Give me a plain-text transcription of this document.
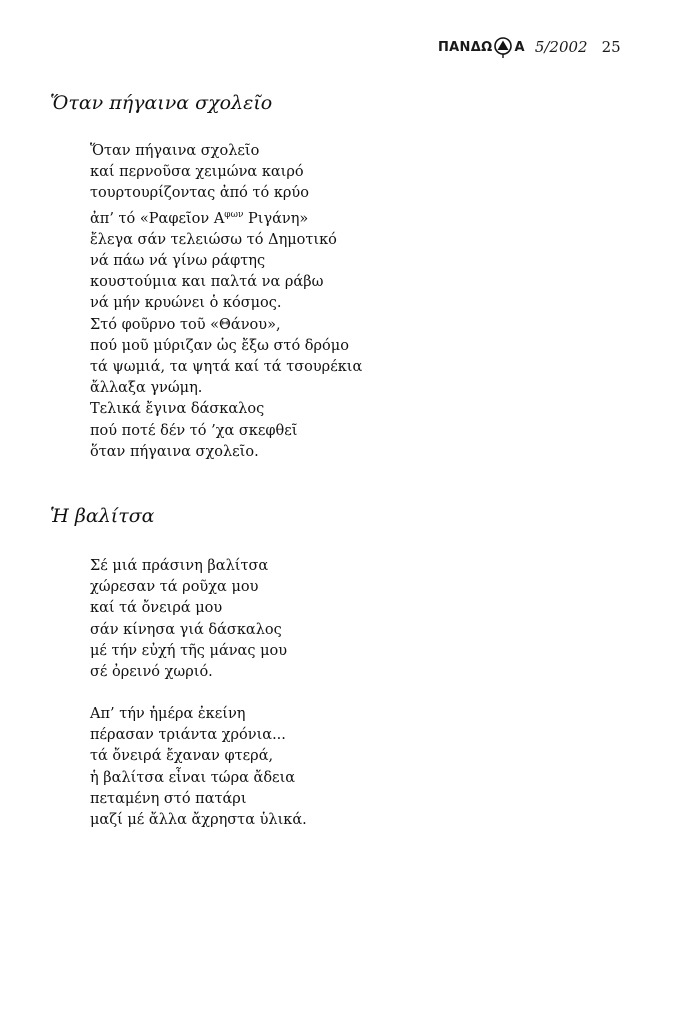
ΠΑΝΔΩ Α 5/2002 25
Ὅταν πήγαινα σχολεῖο
Ὅταν πήγαινα σχολεῖο
καί περνοῦσα χειμώνα καιρό
τουρτουρίζοντας ἀπό τό κρύο
ἀπ’ τό «Ραφεῖον $A^{\varphi\omega\nu}$ Ριγάνη»
ἔλεγα σάν τελειώσω τό Δημοτικό
νά πάω νά γίνω ράφτης
κουστούμια και παλτά να ράβω
νά μήν κρυώνει ὁ κόσμος.
Στό φοῦρνο τοῦ «Θάνου»,
πού μοῦ μύριζαν ὡς ἔξω στό δρόμο
τά ψωμιά, τα ψητά καί τά τσουρέκια
ἄλλαξα γνώμη.
Τελικά ἔγινα δάσκαλος
πού ποτέ δέν τό ’χα σκεφθεῖ
ὅταν πήγαινα σχολεῖο.
Ἡ βαλίτσα
Σέ μιά πράσινη βαλίτσα
χώρεσαν τά ροῦχα μου
καί τά ὄνειρά μου
σάν κίνησα γιά δάσκαλος
μέ τήν εὐχή τῆς μάνας μου
σέ ὀρεινό χωριό.
Απ’ τήν ἡμέρα ἐκείνη
πέρασαν τριάντα χρόνια...
τά ὄνειρά ἔχαναν φτερά,
ἡ βαλίτσα εἶναι τώρα ἄδεια
πεταμένη στό πατάρι
μαζί μέ ἄλλα ἄχρηστα ὑλικά.
